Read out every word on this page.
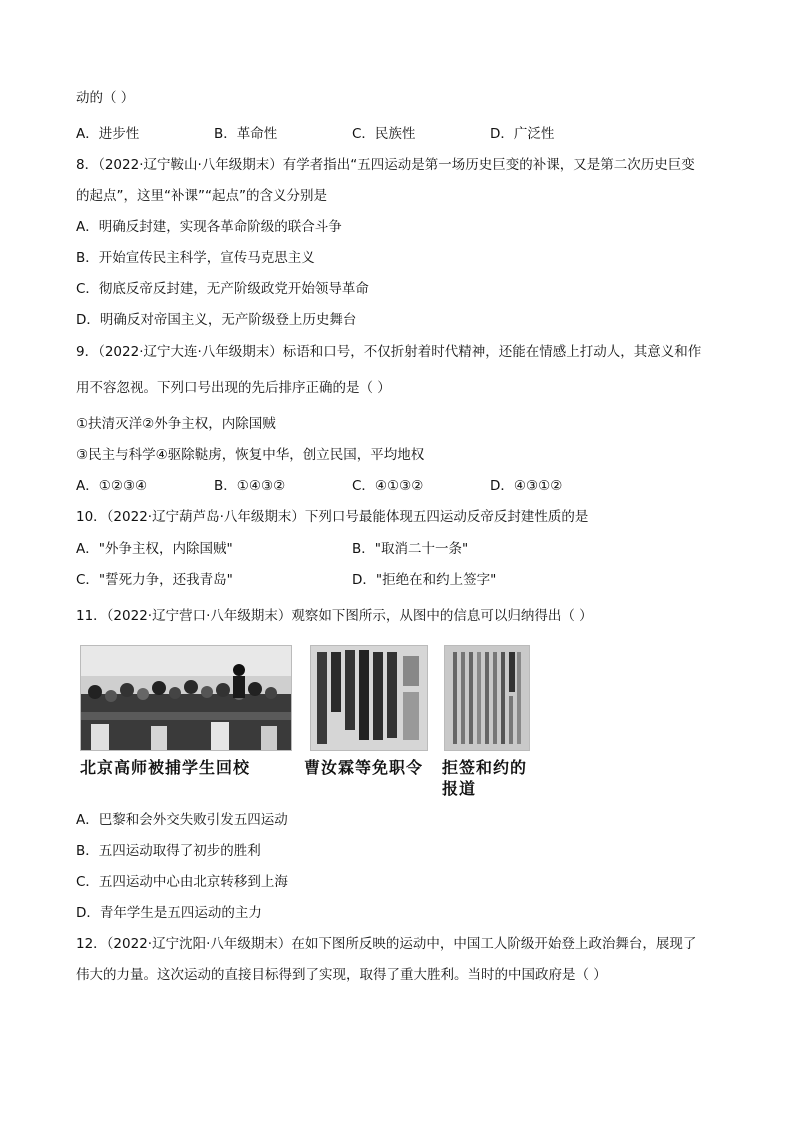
动的（ ）
A．进步性	B．革命性	C．民族性	D．广泛性
8．（2022·辽宁鞍山·八年级期末）有学者指出“五四运动是第一场历史巨变的补课，又是第二次历史巨变
的起点”，这里“补课”“起点”的含义分别是
A．明确反封建，实现各革命阶级的联合斗争
B．开始宣传民主科学，宣传马克思主义
C．彻底反帝反封建，无产阶级政党开始领导革命
D．明确反对帝国主义，无产阶级登上历史舞台
9．（2022·辽宁大连·八年级期末）标语和口号，不仅折射着时代精神，还能在情感上打动人，其意义和作
用不容忽视。下列口号出现的先后排序正确的是（ ）
①扶清灭洋②外争主权，内除国贼
③民主与科学④驱除鞑虏，恢复中华，创立民国，平均地权
A．①②③④	B．①④③②	C．④①③②	D．④③①②
10．（2022·辽宁葫芦岛·八年级期末）下列口号最能体现五四运动反帝反封建性质的是
A．"外争主权，内除国贼"	B．"取消二十一条"
C．"誓死力争，还我青岛"	D．"拒绝在和约上签字"
11．（2022·辽宁营口·八年级期末）观察如下图所示，从图中的信息可以归纳得出（ ）
北京高师被捕学生回校	曹汝霖等免职令 拒签和约的
报道
A．巴黎和会外交失败引发五四运动
B．五四运动取得了初步的胜利
C．五四运动中心由北京转移到上海
D．青年学生是五四运动的主力
12．（2022·辽宁沈阳·八年级期末）在如下图所反映的运动中，中国工人阶级开始登上政治舞台，展现了
伟大的力量。这次运动的直接目标得到了实现，取得了重大胜利。当时的中国政府是（ ）
